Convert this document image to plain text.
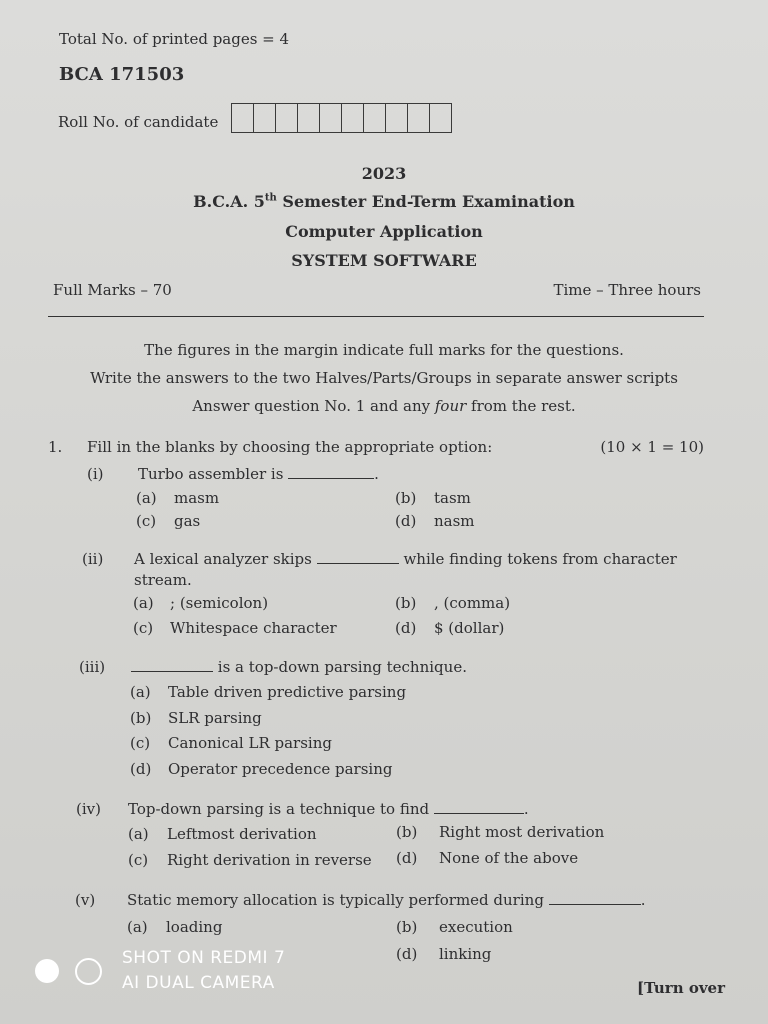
Total No. of printed pages = 4
BCA 171503
Roll No. of candidate
2023
B.C.A. 5th Semester End-Term Examination
Computer Application
SYSTEM SOFTWARE
Full Marks – 70	Time – Three hours
The figures in the margin indicate full marks for the questions.
Write the answers to the two Halves/Parts/Groups in separate answer scripts
Answer question No. 1 and any four from the rest.
1. Fill in the blanks by choosing the appropriate option:	(10 × 1 = 10)
(i) Turbo assembler is	.
(a) masm	(b) tasm
(c) gas	(d) nasm
(ii) A lexical analyzer skips	while finding tokens from character
stream.
(a) ; (semicolon)	(b) , (comma)
(c) Whitespace character	(d) $ (dollar)
(iii)	is a top-down parsing technique.
(a) Table driven predictive parsing
(b) SLR parsing
(c) Canonical LR parsing
(d) Operator precedence parsing
(iv) Top-down parsing is a technique to find	.
(a) Leftmost derivation	(b) Right most derivation
(c) Right derivation in reverse (d) None of the above
(v) Static memory allocation is typically performed during	.
(a) loading	(b) execution
(d) linking
[Turn over
SHOT ON REDMI 7
AI DUAL CAMERA
